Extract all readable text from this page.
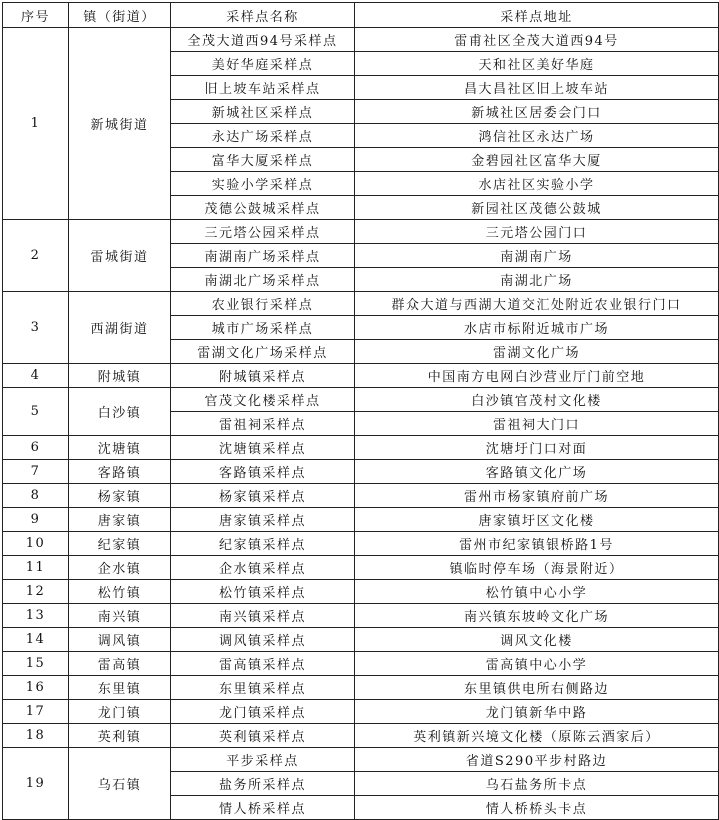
序号	镇（街道）	采样点名称	采样点地址
1	新城街道	全茂大道西94号采样点	雷甫社区全茂大道西94号
		美好华庭采样点	天和社区美好华庭
		旧上坡车站采样点	昌大昌社区旧上坡车站
		新城社区采样点	新城社区居委会门口
		永达广场采样点	鸿信社区永达广场
		富华大厦采样点	金碧园社区富华大厦
		实验小学采样点	水店社区实验小学
		茂德公鼓城采样点	新园社区茂德公鼓城
2	雷城街道	三元塔公园采样点	三元塔公园门口
		南湖南广场采样点	南湖南广场
		南湖北广场采样点	南湖北广场
3	西湖街道	农业银行采样点	群众大道与西湖大道交汇处附近农业银行门口
		城市广场采样点	水店市标附近城市广场
		雷湖文化广场采样点	雷湖文化广场
4	附城镇	附城镇采样点	中国南方电网白沙营业厅门前空地
5	白沙镇	官茂文化楼采样点	白沙镇官茂村文化楼
		雷祖祠采样点	雷祖祠大门口
6	沈塘镇	沈塘镇采样点	沈塘圩门口对面
7	客路镇	客路镇采样点	客路镇文化广场
8	杨家镇	杨家镇采样点	雷州市杨家镇府前广场
9	唐家镇	唐家镇采样点	唐家镇圩区文化楼
10	纪家镇	纪家镇采样点	雷州市纪家镇银桥路1号
11	企水镇	企水镇采样点	镇临时停车场（海景附近）
12	松竹镇	松竹镇采样点	松竹镇中心小学
13	南兴镇	南兴镇采样点	南兴镇东坡岭文化广场
14	调风镇	调风镇采样点	调风文化楼
15	雷高镇	雷高镇采样点	雷高镇中心小学
16	东里镇	东里镇采样点	东里镇供电所右侧路边
17	龙门镇	龙门镇采样点	龙门镇新华中路
18	英利镇	英利镇采样点	英利镇新兴境文化楼（原陈云酒家后）
19	乌石镇	平步采样点	省道S290平步村路边
		盐务所采样点	乌石盐务所卡点
		情人桥采样点	情人桥桥头卡点
